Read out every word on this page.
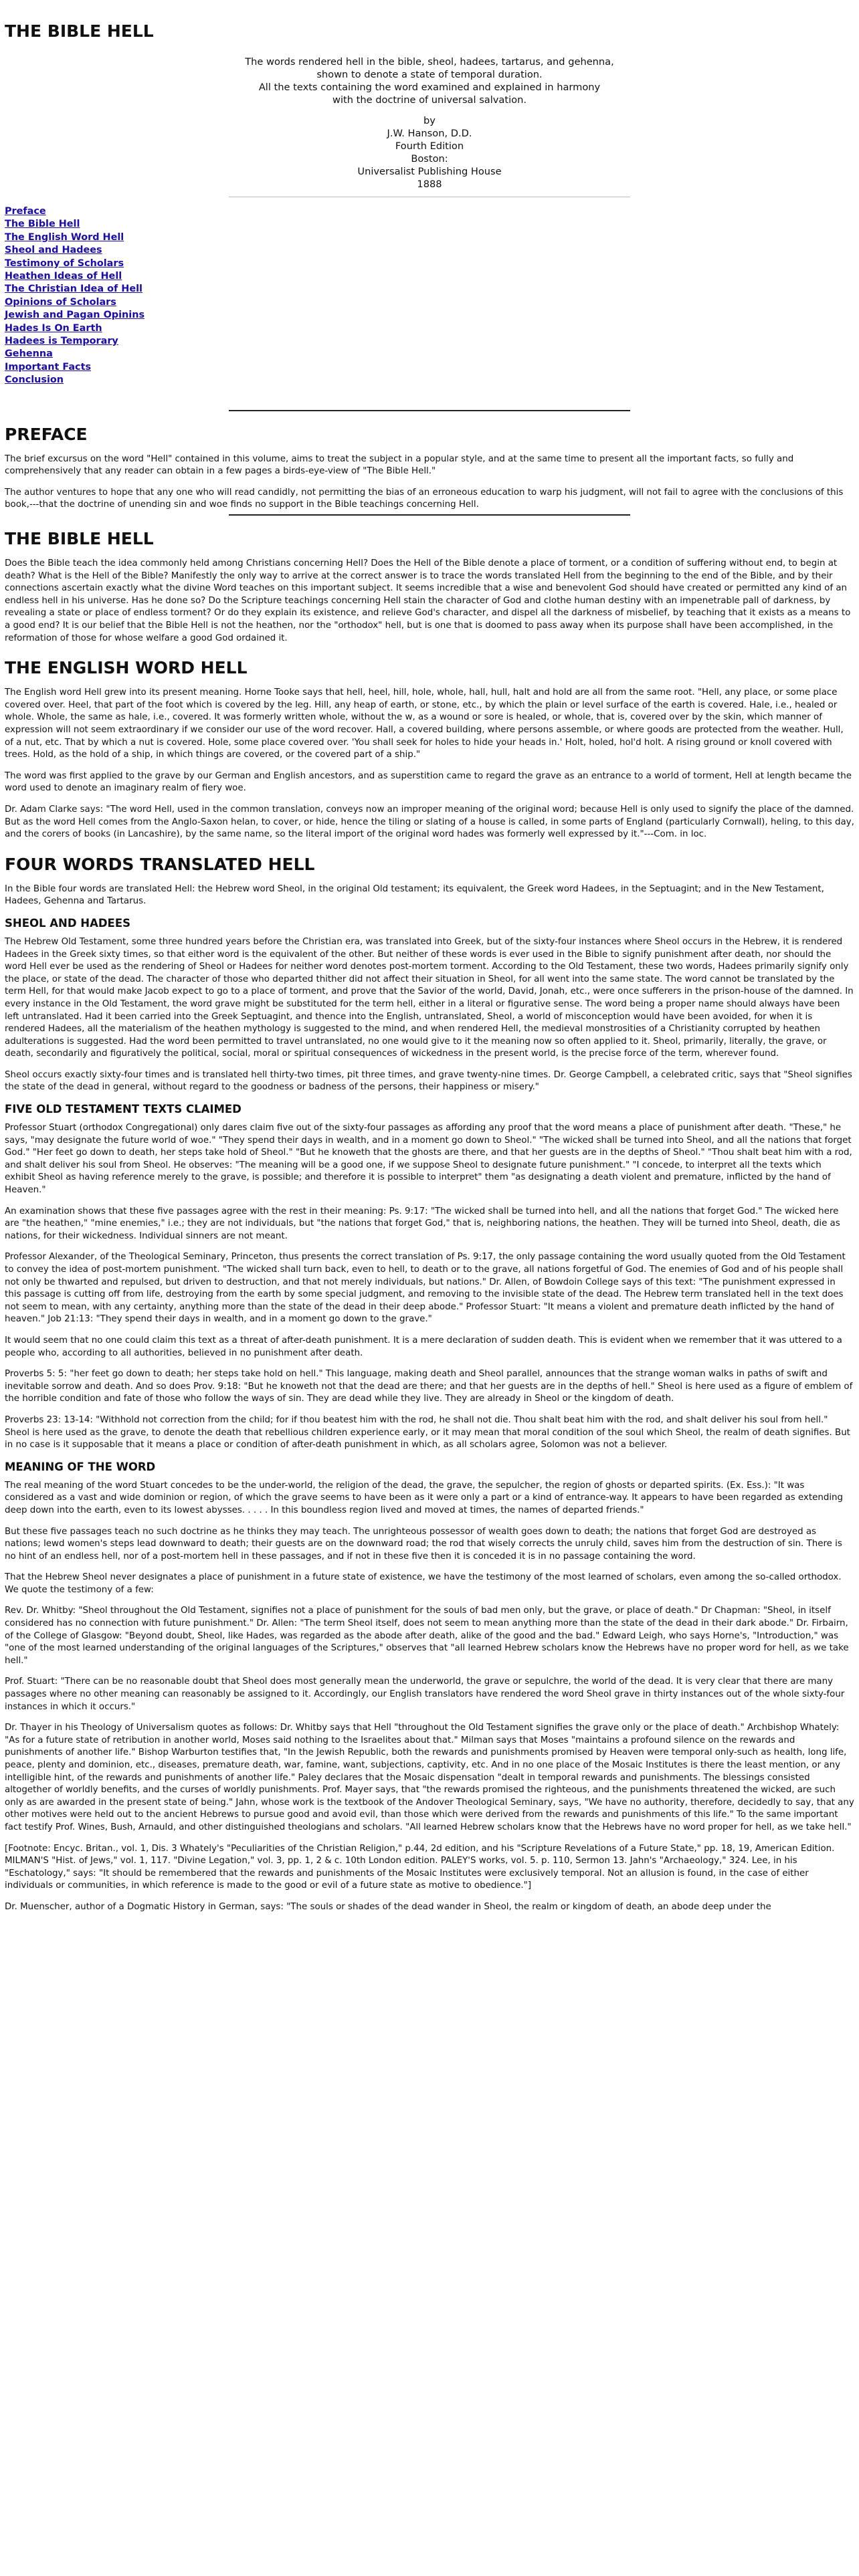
THE BIBLE HELL

The words rendered hell in the bible, sheol, hadees, tartarus, and gehenna,

shown to denote a state of temporal duration.

All the texts containing the word examined and explained in harmony

with the doctrine of universal salvation.

by

J.W. Hanson, D.D.

Fourth Edition

Boston:

Universalist Publishing House

1888

Preface
The Bible Hell
The English Word Hell
Sheol and Hadees
Testimony of Scholars
Heathen Ideas of Hell
The Christian Idea of Hell
Opinions of Scholars
Jewish and Pagan Opinins
Hades Is On Earth
Hadees is Temporary
Gehenna
Important Facts
Conclusion
PREFACE

The brief excursus on the word "Hell" contained in this volume, aims to treat the subject in a popular style, and at the same time to present all the important facts, so fully and comprehensively that any reader can obtain in a few pages a birds-eye-view of "The Bible Hell."

The author ventures to hope that any one who will read candidly, not permitting the bias of an erroneous education to warp his judgment, will not fail to agree with the conclusions of this book,---that the doctrine of unending sin and woe finds no support in the Bible teachings concerning Hell.

THE BIBLE HELL

Does the Bible teach the idea commonly held among Christians concerning Hell? Does the Hell of the Bible denote a place of torment, or a condition of suffering without end, to begin at death? What is the Hell of the Bible? Manifestly the only way to arrive at the correct answer is to trace the words translated Hell from the beginning to the end of the Bible, and by their connections ascertain exactly what the divine Word teaches on this important subject. It seems incredible that a wise and benevolent God should have created or permitted any kind of an endless hell in his universe. Has he done so? Do the Scripture teachings concerning Hell stain the character of God and clothe human destiny with an impenetrable pall of darkness, by revealing a state or place of endless torment? Or do they explain its existence, and relieve God's character, and dispel all the darkness of misbelief, by teaching that it exists as a means to a good end? It is our belief that the Bible Hell is not the heathen, nor the "orthodox" hell, but is one that is doomed to pass away when its purpose shall have been accomplished, in the reformation of those for whose welfare a good God ordained it.

THE ENGLISH WORD HELL

The English word Hell grew into its present meaning. Horne Tooke says that hell, heel, hill, hole, whole, hall, hull, halt and hold are all from the same root. "Hell, any place, or some place covered over. Heel, that part of the foot which is covered by the leg. Hill, any heap of earth, or stone, etc., by which the plain or level surface of the earth is covered. Hale, i.e., healed or whole. Whole, the same as hale, i.e., covered. It was formerly written whole, without the w, as a wound or sore is healed, or whole, that is, covered over by the skin, which manner of expression will not seem extraordinary if we consider our use of the word recover. Hall, a covered building, where persons assemble, or where goods are protected from the weather. Hull, of a nut, etc. That by which a nut is covered. Hole, some place covered over. 'You shall seek for holes to hide your heads in.' Holt, holed, hol'd holt. A rising ground or knoll covered with trees. Hold, as the hold of a ship, in which things are covered, or the covered part of a ship."

The word was first applied to the grave by our German and English ancestors, and as superstition came to regard the grave as an entrance to a world of torment, Hell at length became the word used to denote an imaginary realm of fiery woe.

Dr. Adam Clarke says: "The word Hell, used in the common translation, conveys now an improper meaning of the original word; because Hell is only used to signify the place of the damned. But as the word Hell comes from the Anglo-Saxon helan, to cover, or hide, hence the tiling or slating of a house is called, in some parts of England (particularly Cornwall), heling, to this day, and the corers of books (in Lancashire), by the same name, so the literal import of the original word hades was formerly well expressed by it."---Com. in loc.

FOUR WORDS TRANSLATED HELL

In the Bible four words are translated Hell: the Hebrew word Sheol, in the original Old testament; its equivalent, the Greek word Hadees, in the Septuagint; and in the New Testament, Hadees, Gehenna and Tartarus.

SHEOL AND HADEES

The Hebrew Old Testament, some three hundred years before the Christian era, was translated into Greek, but of the sixty-four instances where Sheol occurs in the Hebrew, it is rendered Hadees in the Greek sixty times, so that either word is the equivalent of the other. But neither of these words is ever used in the Bible to signify punishment after death, nor should the word Hell ever be used as the rendering of Sheol or Hadees for neither word denotes post-mortem torment. According to the Old Testament, these two words, Hadees primarily signify only the place, or state of the dead. The character of those who departed thither did not affect their situation in Sheol, for all went into the same state. The word cannot be translated by the term Hell, for that would make Jacob expect to go to a place of torment, and prove that the Savior of the world, David, Jonah, etc., were once sufferers in the prison-house of the damned. In every instance in the Old Testament, the word grave might be substituted for the term hell, either in a literal or figurative sense. The word being a proper name should always have been left untranslated. Had it been carried into the Greek Septuagint, and thence into the English, untranslated, Sheol, a world of misconception would have been avoided, for when it is rendered Hadees, all the materialism of the heathen mythology is suggested to the mind, and when rendered Hell, the medieval monstrosities of a Christianity corrupted by heathen adulterations is suggested. Had the word been permitted to travel untranslated, no one would give to it the meaning now so often applied to it. Sheol, primarily, literally, the grave, or death, secondarily and figuratively the political, social, moral or spiritual consequences of wickedness in the present world, is the precise force of the term, wherever found.

Sheol occurs exactly sixty-four times and is translated hell thirty-two times, pit three times, and grave twenty-nine times. Dr. George Campbell, a celebrated critic, says that "Sheol signifies the state of the dead in general, without regard to the goodness or badness of the persons, their happiness or misery."

FIVE OLD TESTAMENT TEXTS CLAIMED

Professor Stuart (orthodox Congregational) only dares claim five out of the sixty-four passages as affording any proof that the word means a place of punishment after death. "These," he says, "may designate the future world of woe." "They spend their days in wealth, and in a moment go down to Sheol." "The wicked shall be turned into Sheol, and all the nations that forget God." "Her feet go down to death, her steps take hold of Sheol." "But he knoweth that the ghosts are there, and that her guests are in the depths of Sheol." "Thou shalt beat him with a rod, and shalt deliver his soul from Sheol. He observes: "The meaning will be a good one, if we suppose Sheol to designate future punishment." "I concede, to interpret all the texts which exhibit Sheol as having reference merely to the grave, is possible; and therefore it is possible to interpret" them "as designating a death violent and premature, inflicted by the hand of Heaven."

An examination shows that these five passages agree with the rest in their meaning: Ps. 9:17: "The wicked shall be turned into hell, and all the nations that forget God." The wicked here are "the heathen," "mine enemies," i.e.; they are not individuals, but "the nations that forget God," that is, neighboring nations, the heathen. They will be turned into Sheol, death, die as nations, for their wickedness. Individual sinners are not meant.

Professor Alexander, of the Theological Seminary, Princeton, thus presents the correct translation of Ps. 9:17, the only passage containing the word usually quoted from the Old Testament to convey the idea of post-mortem punishment. "The wicked shall turn back, even to hell, to death or to the grave, all nations forgetful of God. The enemies of God and of his people shall not only be thwarted and repulsed, but driven to destruction, and that not merely individuals, but nations." Dr. Allen, of Bowdoin College says of this text: "The punishment expressed in this passage is cutting off from life, destroying from the earth by some special judgment, and removing to the invisible state of the dead. The Hebrew term translated hell in the text does not seem to mean, with any certainty, anything more than the state of the dead in their deep abode." Professor Stuart: "It means a violent and premature death inflicted by the hand of heaven." Job 21:13: "They spend their days in wealth, and in a moment go down to the grave."

It would seem that no one could claim this text as a threat of after-death punishment. It is a mere declaration of sudden death. This is evident when we remember that it was uttered to a people who, according to all authorities, believed in no punishment after death.

Proverbs 5: 5: "her feet go down to death; her steps take hold on hell." This language, making death and Sheol parallel, announces that the strange woman walks in paths of swift and inevitable sorrow and death. And so does Prov. 9:18: "But he knoweth not that the dead are there; and that her guests are in the depths of hell." Sheol is here used as a figure of emblem of the horrible condition and fate of those who follow the ways of sin. They are dead while they live. They are already in Sheol or the kingdom of death.

Proverbs 23: 13-14: "Withhold not correction from the child; for if thou beatest him with the rod, he shall not die. Thou shalt beat him with the rod, and shalt deliver his soul from hell." Sheol is here used as the grave, to denote the death that rebellious children experience early, or it may mean that moral condition of the soul which Sheol, the realm of death signifies. But in no case is it supposable that it means a place or condition of after-death punishment in which, as all scholars agree, Solomon was not a believer.

MEANING OF THE WORD

The real meaning of the word Stuart concedes to be the under-world, the religion of the dead, the grave, the sepulcher, the region of ghosts or departed spirits. (Ex. Ess.): "It was considered as a vast and wide dominion or region, of which the grave seems to have been as it were only a part or a kind of entrance-way. It appears to have been regarded as extending deep down into the earth, even to its lowest abysses. . . . . In this boundless region lived and moved at times, the names of departed friends."

But these five passages teach no such doctrine as he thinks they may teach. The unrighteous possessor of wealth goes down to death; the nations that forget God are destroyed as nations; lewd women's steps lead downward to death; their guests are on the downward road; the rod that wisely corrects the unruly child, saves him from the destruction of sin. There is no hint of an endless hell, nor of a post-mortem hell in these passages, and if not in these five then it is conceded it is in no passage containing the word.

That the Hebrew Sheol never designates a place of punishment in a future state of existence, we have the testimony of the most learned of scholars, even among the so-called orthodox. We quote the testimony of a few:

Rev. Dr. Whitby: "Sheol throughout the Old Testament, signifies not a place of punishment for the souls of bad men only, but the grave, or place of death." Dr Chapman: "Sheol, in itself considered has no connection with future punishment." Dr. Allen: "The term Sheol itself, does not seem to mean anything more than the state of the dead in their dark abode." Dr. Firbairn, of the College of Glasgow: "Beyond doubt, Sheol, like Hades, was regarded as the abode after death, alike of the good and the bad." Edward Leigh, who says Horne's, "Introduction," was "one of the most learned understanding of the original languages of the Scriptures," observes that "all learned Hebrew scholars know the Hebrews have no proper word for hell, as we take hell."

Prof. Stuart: "There can be no reasonable doubt that Sheol does most generally mean the underworld, the grave or sepulchre, the world of the dead. It is very clear that there are many passages where no other meaning can reasonably be assigned to it. Accordingly, our English translators have rendered the word Sheol grave in thirty instances out of the whole sixty-four instances in which it occurs."

Dr. Thayer in his Theology of Universalism quotes as follows: Dr. Whitby says that Hell "throughout the Old Testament signifies the grave only or the place of death." Archbishop Whately: "As for a future state of retribution in another world, Moses said nothing to the Israelites about that." Milman says that Moses "maintains a profound silence on the rewards and punishments of another life." Bishop Warburton testifies that, "In the Jewish Republic, both the rewards and punishments promised by Heaven were temporal only-such as health, long life, peace, plenty and dominion, etc., diseases, premature death, war, famine, want, subjections, captivity, etc. And in no one place of the Mosaic Institutes is there the least mention, or any intelligible hint, of the rewards and punishments of another life." Paley declares that the Mosaic dispensation "dealt in temporal rewards and punishments. The blessings consisted altogether of worldly benefits, and the curses of worldly punishments. Prof. Mayer says, that "the rewards promised the righteous, and the punishments threatened the wicked, are such only as are awarded in the present state of being." Jahn, whose work is the textbook of the Andover Theological Seminary, says, "We have no authority, therefore, decidedly to say, that any other motives were held out to the ancient Hebrews to pursue good and avoid evil, than those which were derived from the rewards and punishments of this life." To the same important fact testify Prof. Wines, Bush, Arnauld, and other distinguished theologians and scholars. "All learned Hebrew scholars know that the Hebrews have no word proper for hell, as we take hell."

[Footnote: Encyc. Britan., vol. 1, Dis. 3 Whately's "Peculiarities of the Christian Religion," p.44, 2d edition, and his "Scripture Revelations of a Future State," pp. 18, 19, American Edition. MILMAN'S "Hist. of Jews," vol. 1, 117. "Divine Legation," vol. 3, pp. 1, 2 & c. 10th London edition. PALEY'S works, vol. 5. p. 110, Sermon 13. Jahn's "Archaeology," 324. Lee, in his "Eschatology," says: "It should be remembered that the rewards and punishments of the Mosaic Institutes were exclusively temporal. Not an allusion is found, in the case of either individuals or communities, in which reference is made to the good or evil of a future state as motive to obedience."]

Dr. Muenscher, author of a Dogmatic History in German, says: "The souls or shades of the dead wander in Sheol, the realm or kingdom of death, an abode deep under the
